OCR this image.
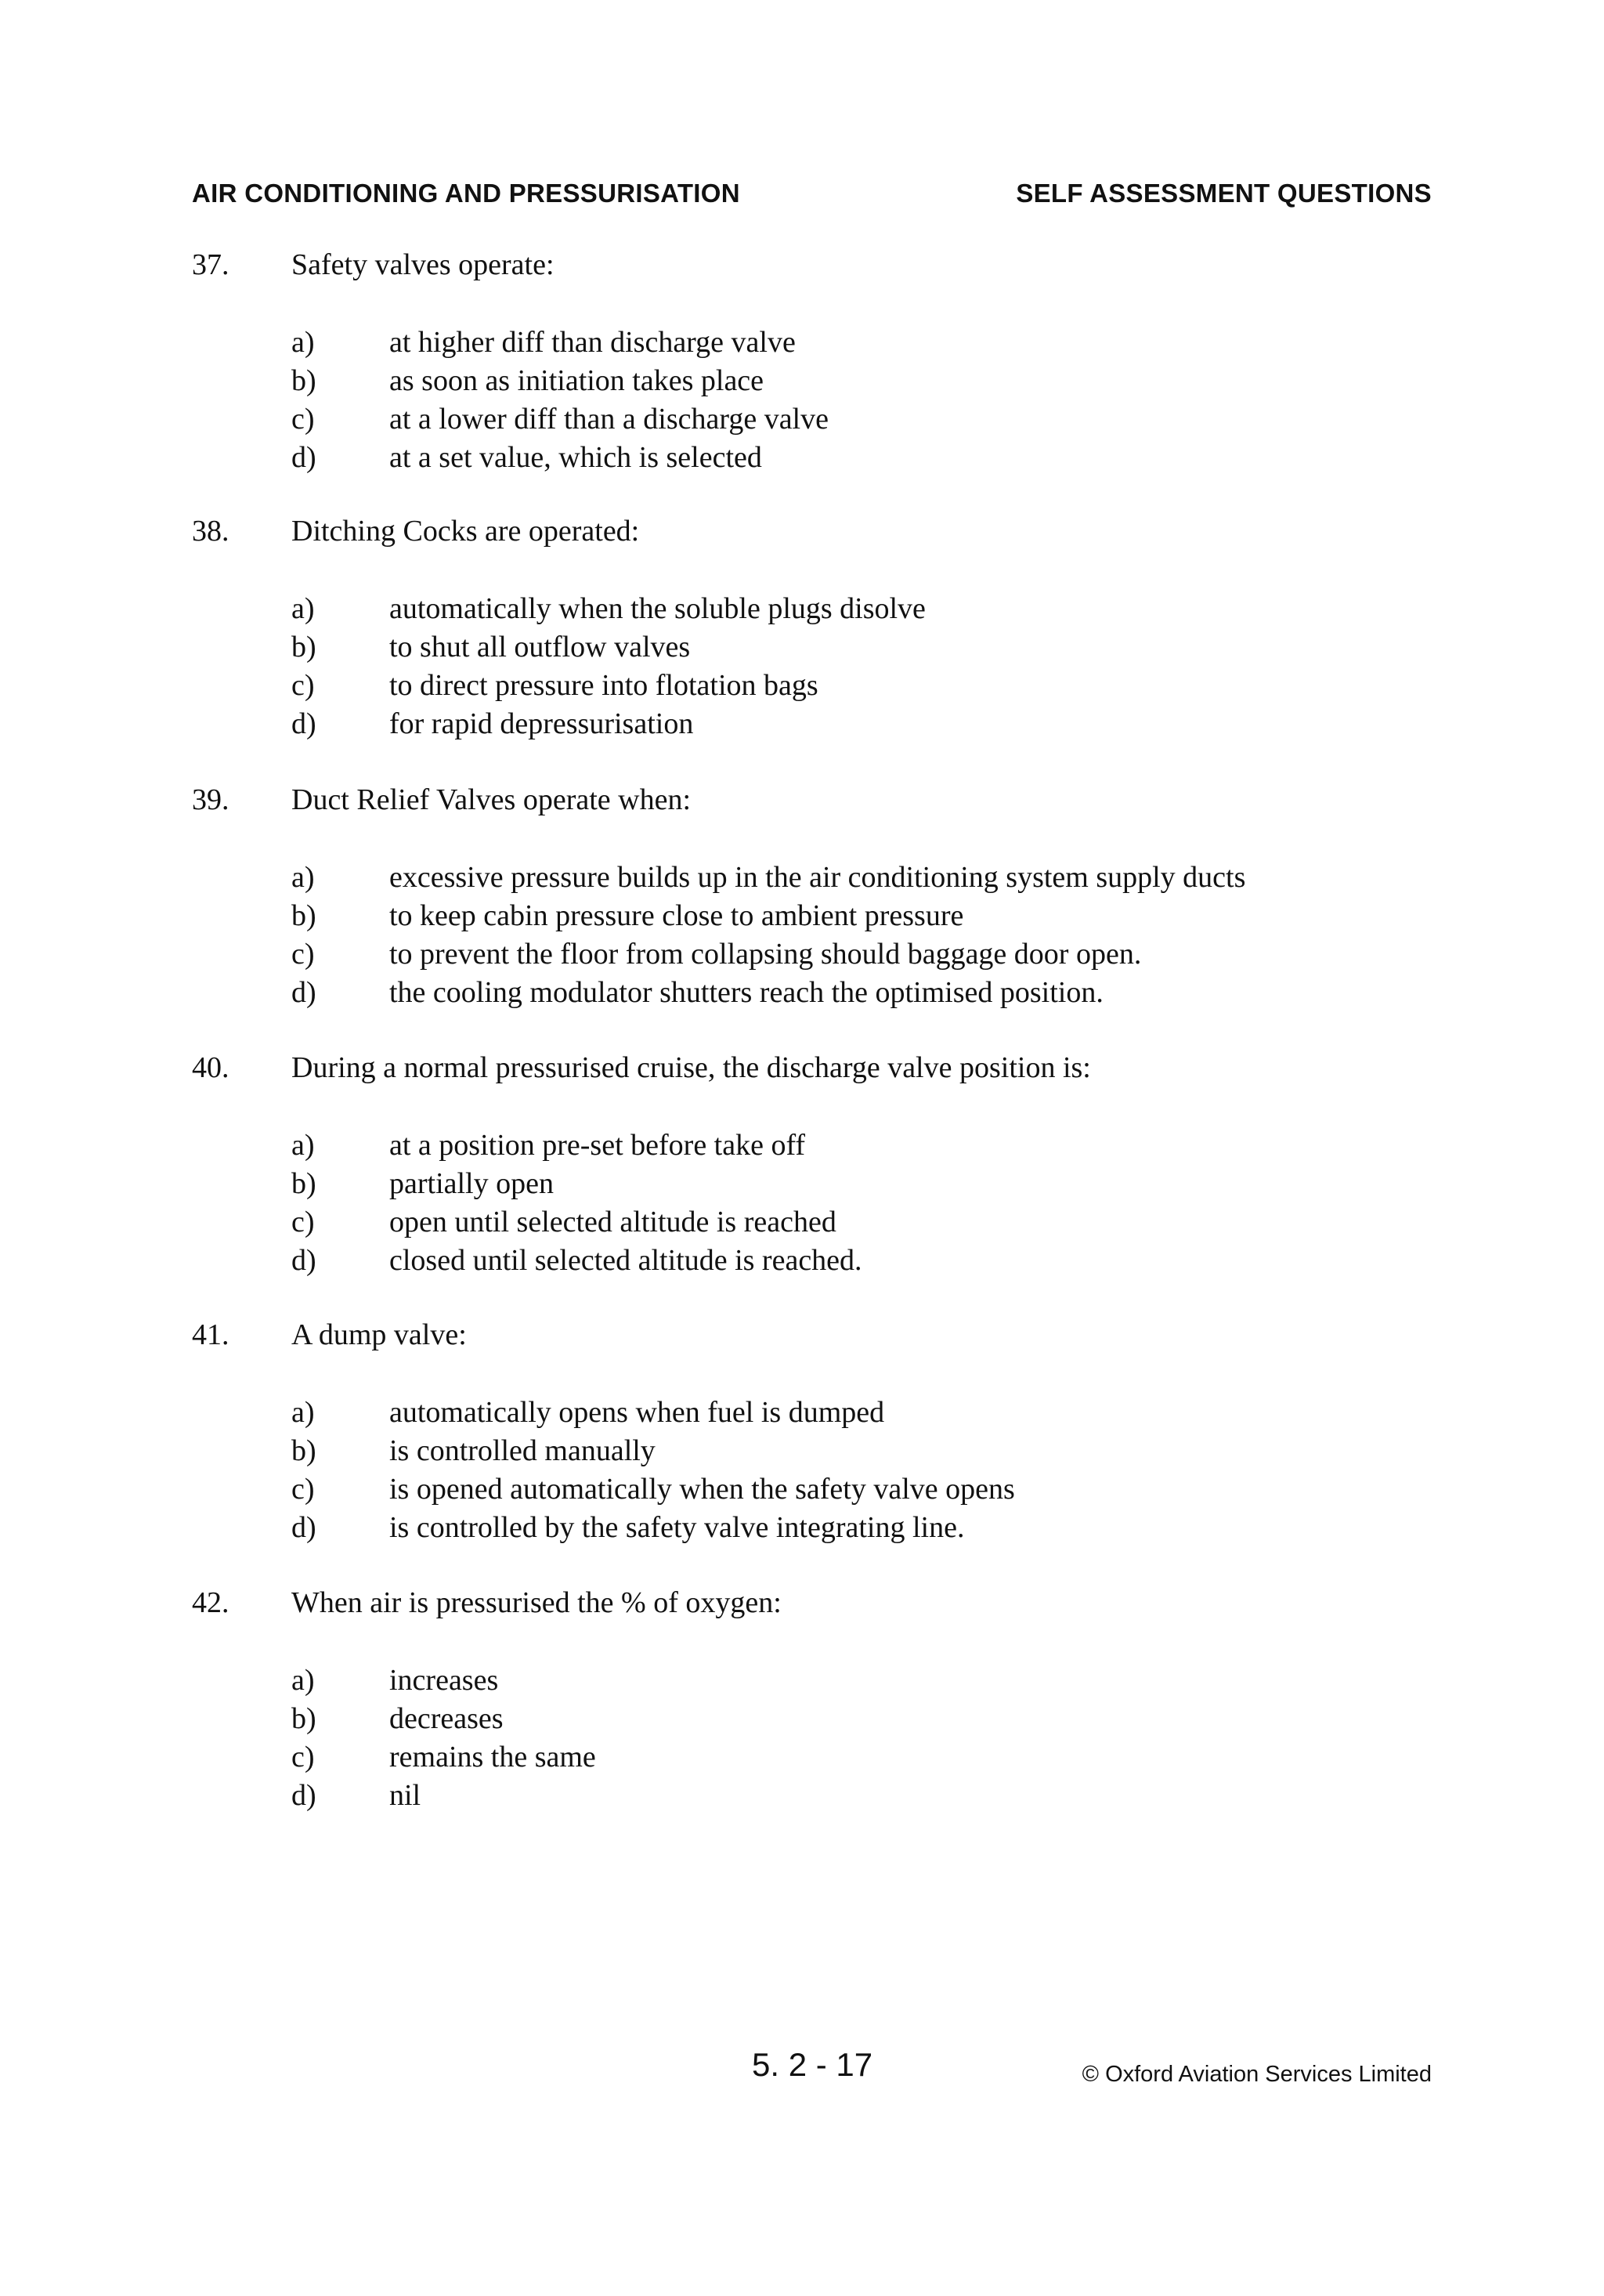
AIR CONDITIONING AND PRESSURISATION	SELF ASSESSMENT QUESTIONS
37. Safety valves operate:
a)	at higher diff than discharge valve
b) as soon as initiation takes place
c)	at a lower diff than a discharge valve
d) at a set value, which is selected
38. Ditching Cocks are operated:
a)	automatically when the soluble plugs disolve
b) to shut all outflow valves
c)	to direct pressure into flotation bags
d) for rapid depressurisation
39. Duct Relief Valves operate when:
a)	excessive pressure builds up in the air conditioning system supply ducts
b) to keep cabin pressure close to ambient pressure
c)	to prevent the floor from collapsing should baggage door open.
d) the cooling modulator shutters reach the optimised position.
40. During a normal pressurised cruise, the discharge valve position is:
a)	at a position pre-set before take off
b) partially open
c)	open until selected altitude is reached
d) closed until selected altitude is reached.
41. A dump valve:
a)	automatically opens when fuel is dumped
b) is controlled manually
c)	is opened automatically when the safety valve opens
d) is controlled by the safety valve integrating line.
42. When air is pressurised the % of oxygen:
a)	increases
b) decreases
c)	remains the same
d) nil
5. 2 - 17	© Oxford Aviation Services Limited
